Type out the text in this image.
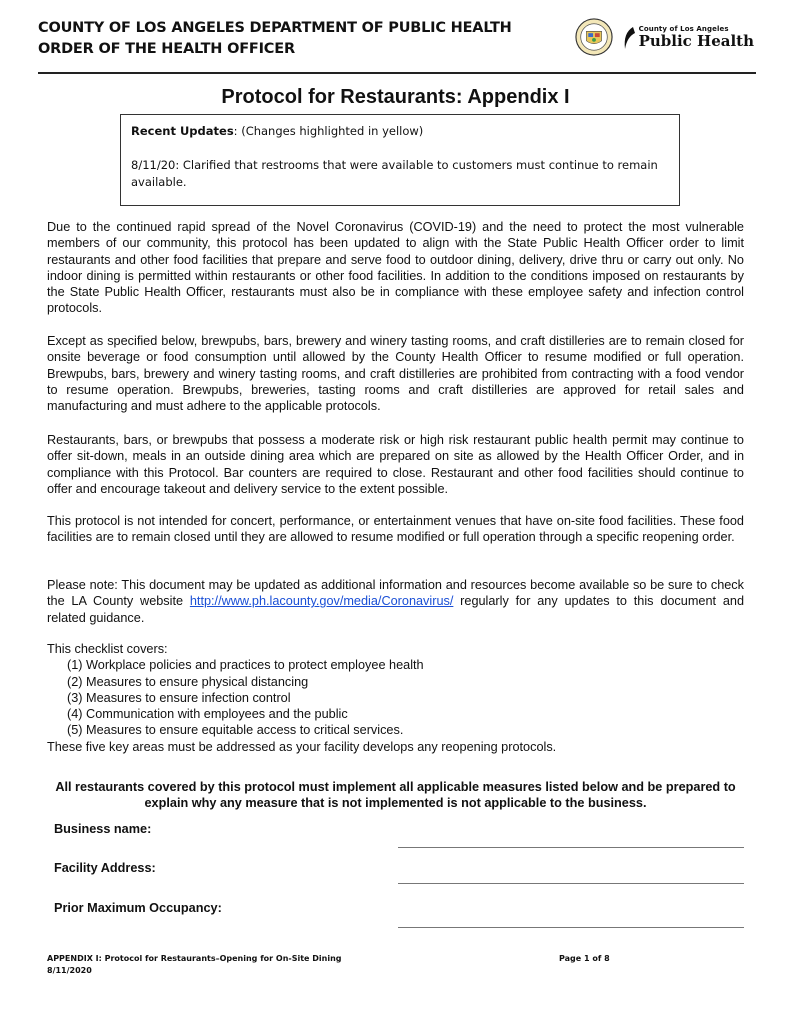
COUNTY OF LOS ANGELES DEPARTMENT OF PUBLIC HEALTH
ORDER OF THE HEALTH OFFICER
County of Los Angeles
Public Health
Protocol for Restaurants: Appendix I
Recent Updates: (Changes highlighted in yellow)
8/11/20: Clarified that restrooms that were available to customers must continue to remain available.

Due to the continued rapid spread of the Novel Coronavirus (COVID-19) and the need to protect the most vulnerable members of our community, this protocol has been updated to align with the State Public Health Officer order to limit restaurants and other food facilities that prepare and serve food to outdoor dining, delivery, drive thru or carry out only. No indoor dining is permitted within restaurants or other food facilities. In addition to the conditions imposed on restaurants by the State Public Health Officer, restaurants must also be in compliance with these employee safety and infection control protocols.

Except as specified below, brewpubs, bars, brewery and winery tasting rooms, and craft distilleries are to remain closed for onsite beverage or food consumption until allowed by the County Health Officer to resume modified or full operation. Brewpubs, bars, brewery and winery tasting rooms, and craft distilleries are prohibited from contracting with a food vendor to resume operation. Brewpubs, breweries, tasting rooms and craft distilleries are approved for retail sales and manufacturing and must adhere to the applicable protocols.

Restaurants, bars, or brewpubs that possess a moderate risk or high risk restaurant public health permit may continue to offer sit-down, meals in an outside dining area which are prepared on site as allowed by the Health Officer Order, and in compliance with this Protocol. Bar counters are required to close. Restaurant and other food facilities should continue to offer and encourage takeout and delivery service to the extent possible.

This protocol is not intended for concert, performance, or entertainment venues that have on-site food facilities. These food facilities are to remain closed until they are allowed to resume modified or full operation through a specific reopening order.

Please note: This document may be updated as additional information and resources become available so be sure to check the LA County website http://www.ph.lacounty.gov/media/Coronavirus/ regularly for any updates to this document and related guidance.

This checklist covers:

(1) Workplace policies and practices to protect employee health
(2) Measures to ensure physical distancing
(3) Measures to ensure infection control
(4) Communication with employees and the public
(5) Measures to ensure equitable access to critical services.

These five key areas must be addressed as your facility develops any reopening protocols.

All restaurants covered by this protocol must implement all applicable measures listed below and be prepared to explain why any measure that is not implemented is not applicable to the business.
Business name:
Facility Address:
Prior Maximum Occupancy:
APPENDIX I: Protocol for Restaurants–Opening for On-Site Dining
8/11/2020
Page 1 of 8
